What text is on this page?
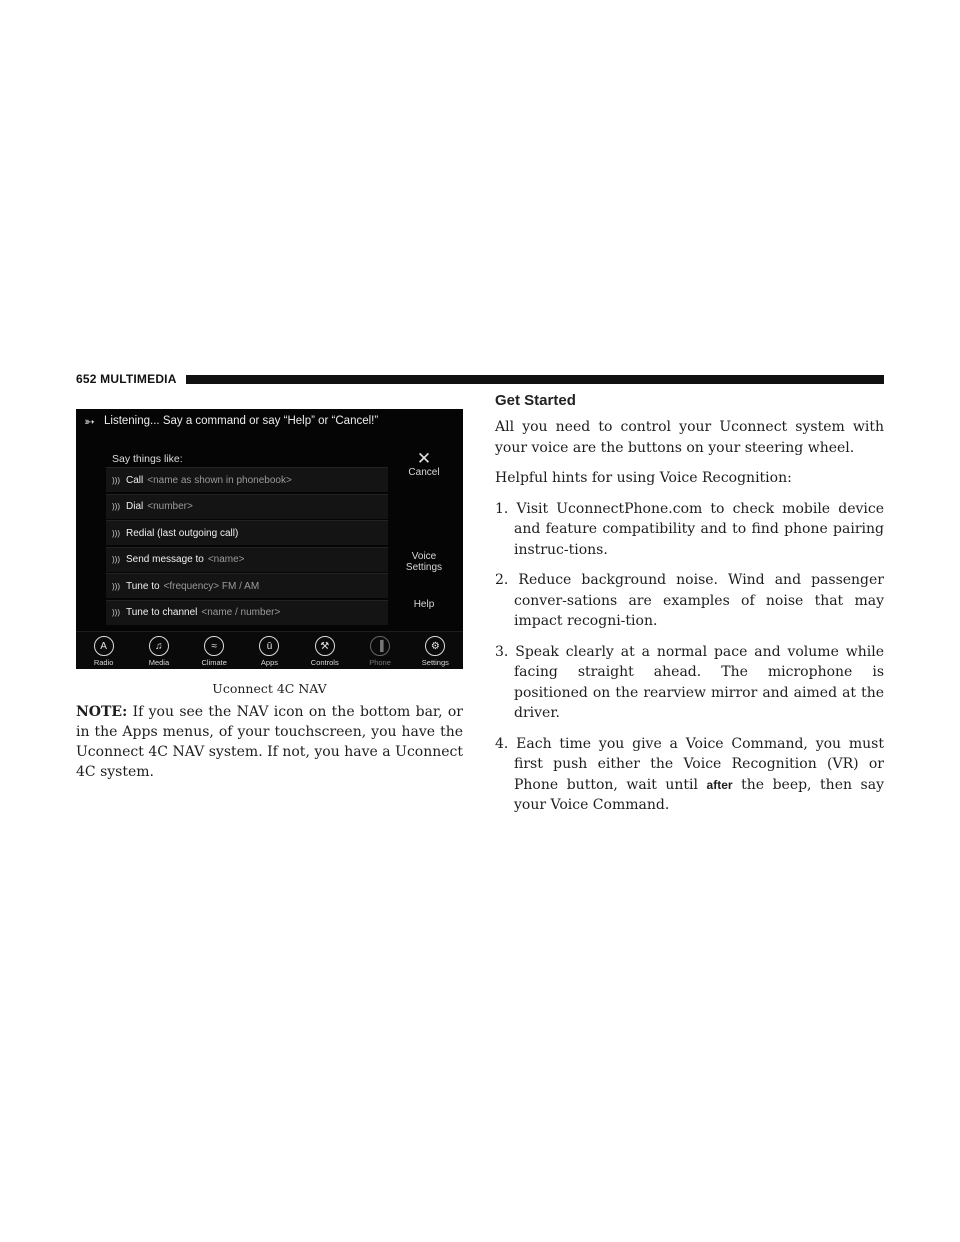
652 MULTIMEDIA
➳ Listening... Say a command or say “Help” or “Cancel!”
Say things like:
))) Call <name as shown in phonebook>
))) Dial <number>
))) Redial (last outgoing call)
))) Send message to <name>
))) Tune to <frequency> FM / AM
))) Tune to channel <name / number>
✕
Cancel
Voice
Settings
Help
A
Radio
♫
Media
≈
Climate
ū
Apps
⚒
Controls
▐
Phone
⚙
Settings
Uconnect 4C NAV
NOTE: If you see the NAV icon on the bottom bar, or in the Apps menus, of your touchscreen, you have the Uconnect 4C NAV system. If not, you have a Uconnect 4C system.
Get Started

All you need to control your Uconnect system with your voice are the buttons on your steering wheel.

Helpful hints for using Voice Recognition:

1. Visit UconnectPhone.com to check mobile device and feature compatibility and to find phone pairing instruc-tions.

2. Reduce background noise. Wind and passenger conver-sations are examples of noise that may impact recogni-tion.

3. Speak clearly at a normal pace and volume while facing straight ahead. The microphone is positioned on the rearview mirror and aimed at the driver.

4. Each time you give a Voice Command, you must first push either the Voice Recognition (VR) or Phone button, wait until after the beep, then say your Voice Command.
